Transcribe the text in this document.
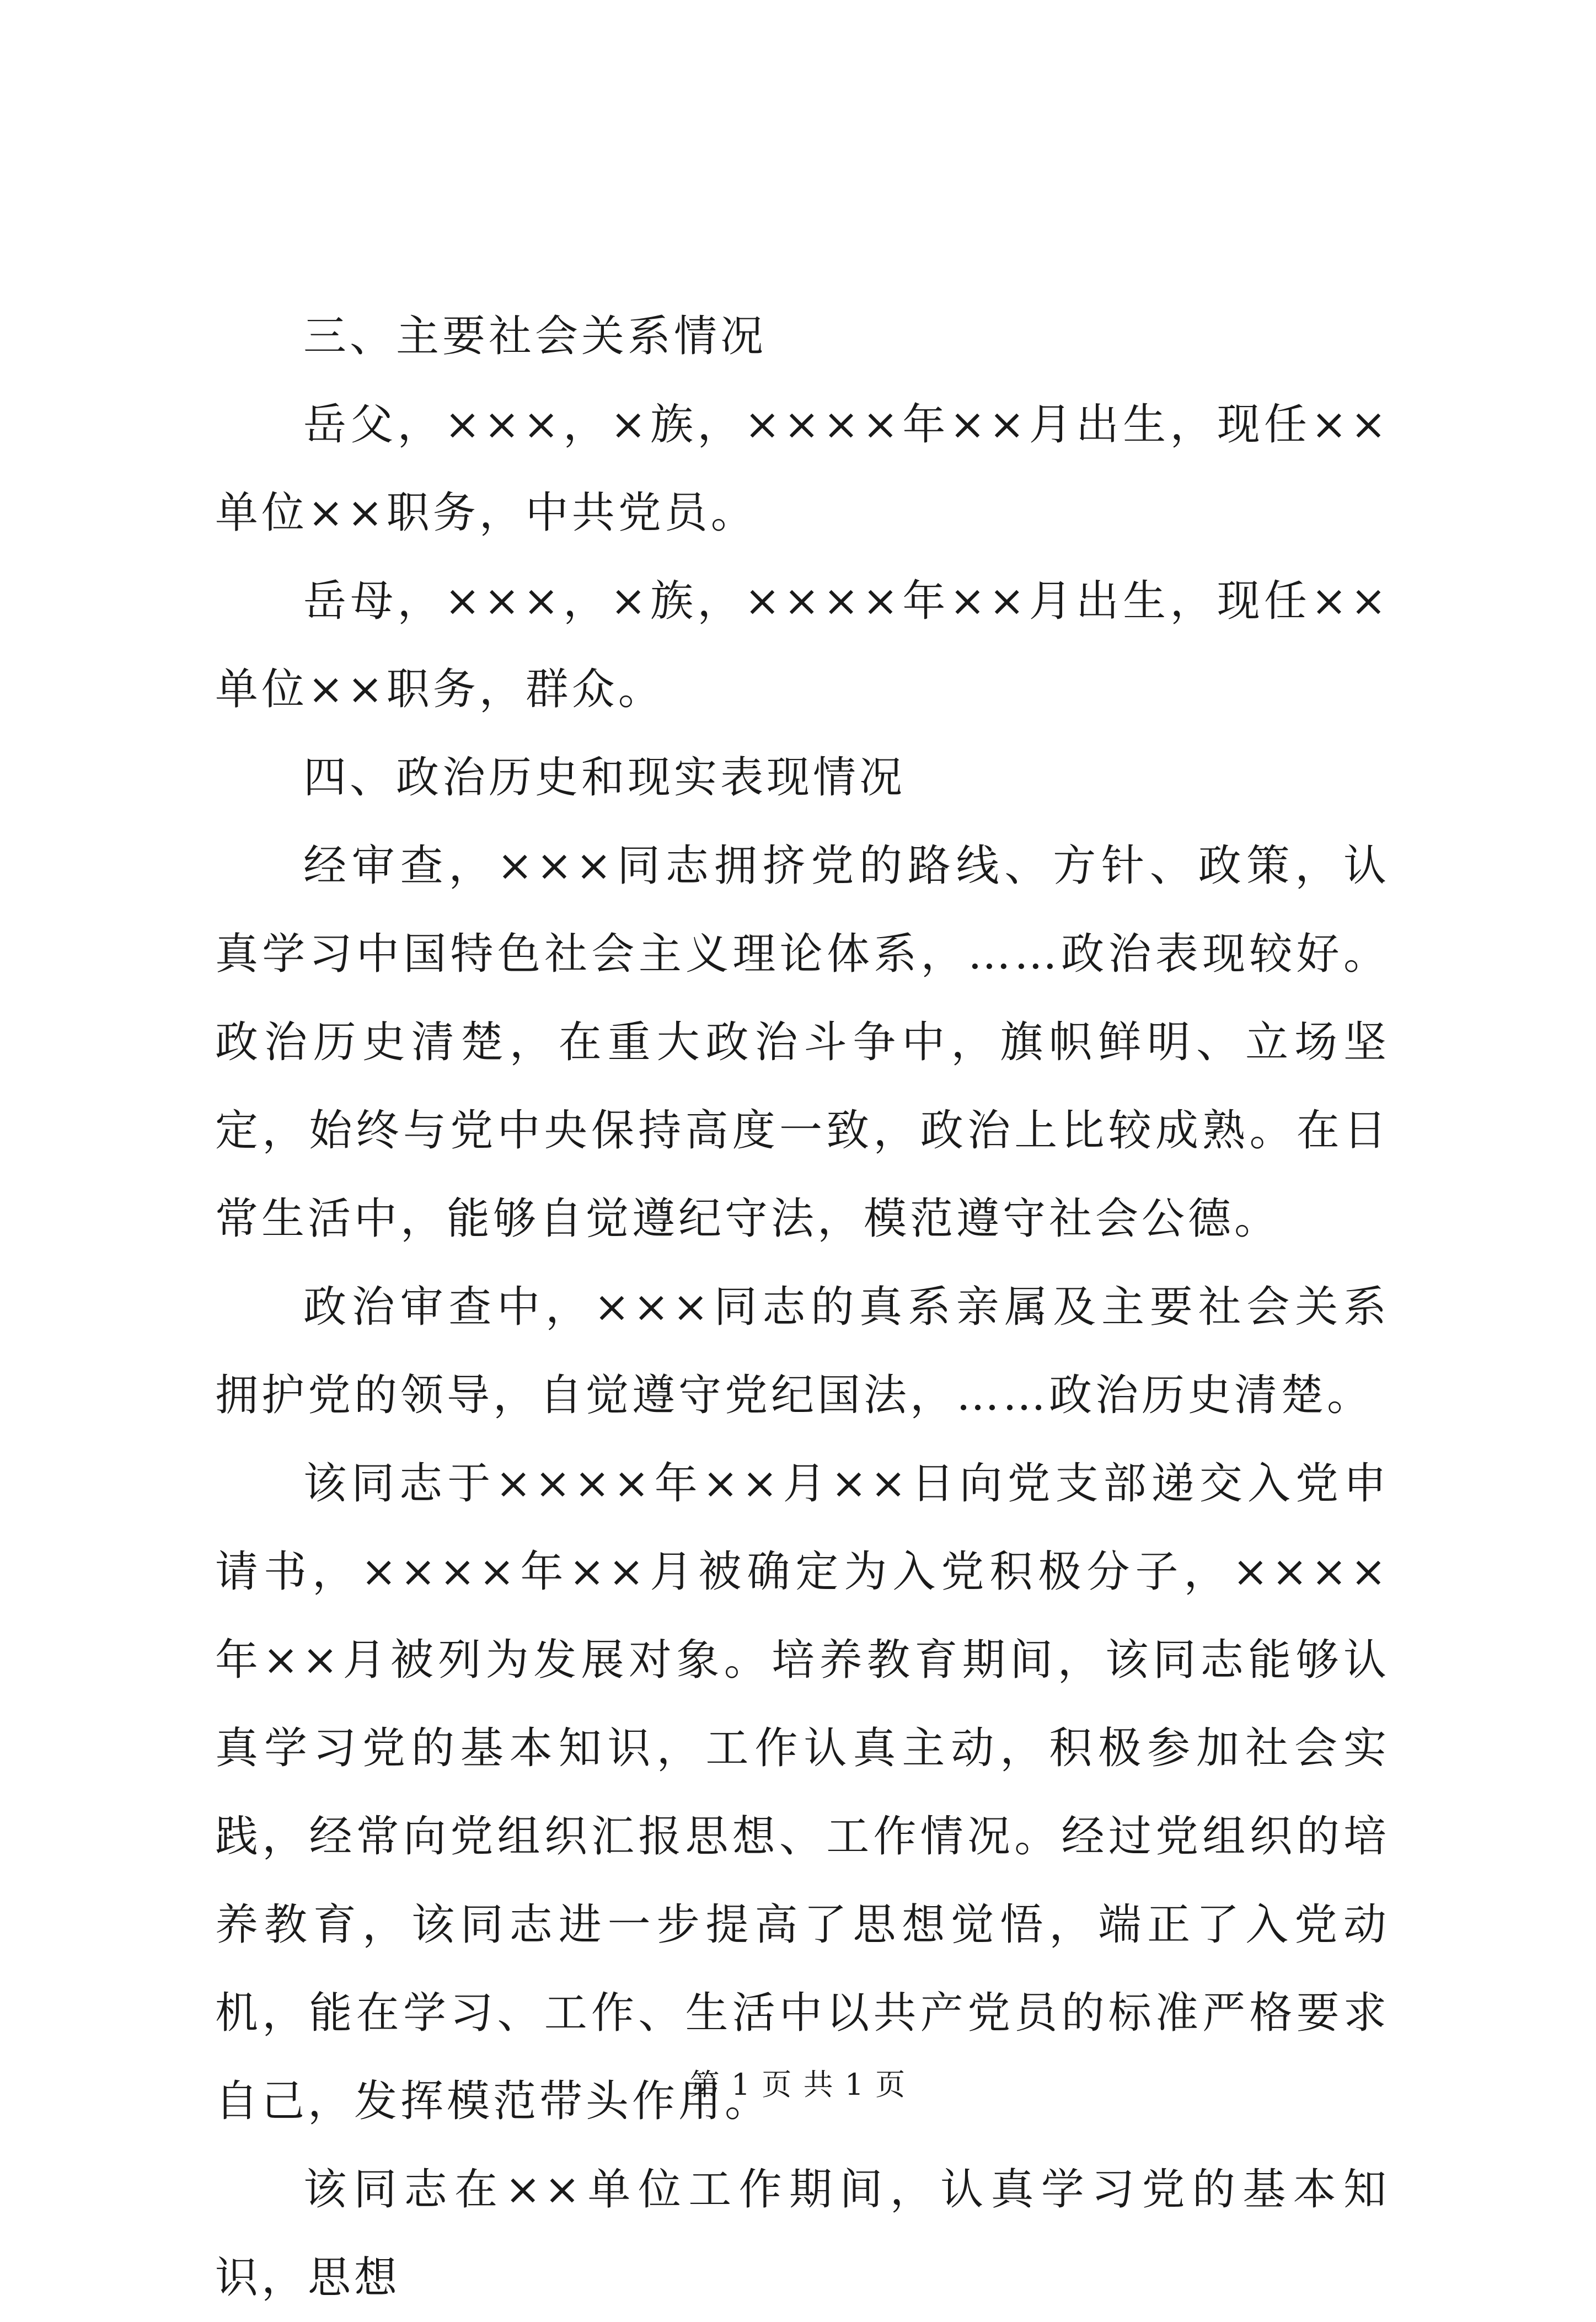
三、主要社会关系情况

岳父，×××，×族，××××年××月出生，现任××单位××职务，中共党员。

岳母，×××，×族，××××年××月出生，现任××单位××职务，群众。

四、政治历史和现实表现情况

经审查，×××同志拥挤党的路线、方针、政策，认真学习中国特色社会主义理论体系，……政治表现较好。政治历史清楚，在重大政治斗争中，旗帜鲜明、立场坚定，始终与党中央保持高度一致，政治上比较成熟。在日常生活中，能够自觉遵纪守法，模范遵守社会公德。

政治审查中，×××同志的真系亲属及主要社会关系拥护党的领导，自觉遵守党纪国法，……政治历史清楚。

该同志于××××年××月××日向党支部递交入党申请书，××××年××月被确定为入党积极分子，××××年××月被列为发展对象。培养教育期间，该同志能够认真学习党的基本知识，工作认真主动，积极参加社会实践，经常向党组织汇报思想、工作情况。经过党组织的培养教育，该同志进一步提高了思想觉悟，端正了入党动机，能在学习、工作、生活中以共产党员的标准严格要求自己，发挥模范带头作用。

该同志在××单位工作期间，认真学习党的基本知识，思想

第 1 页 共 1 页
